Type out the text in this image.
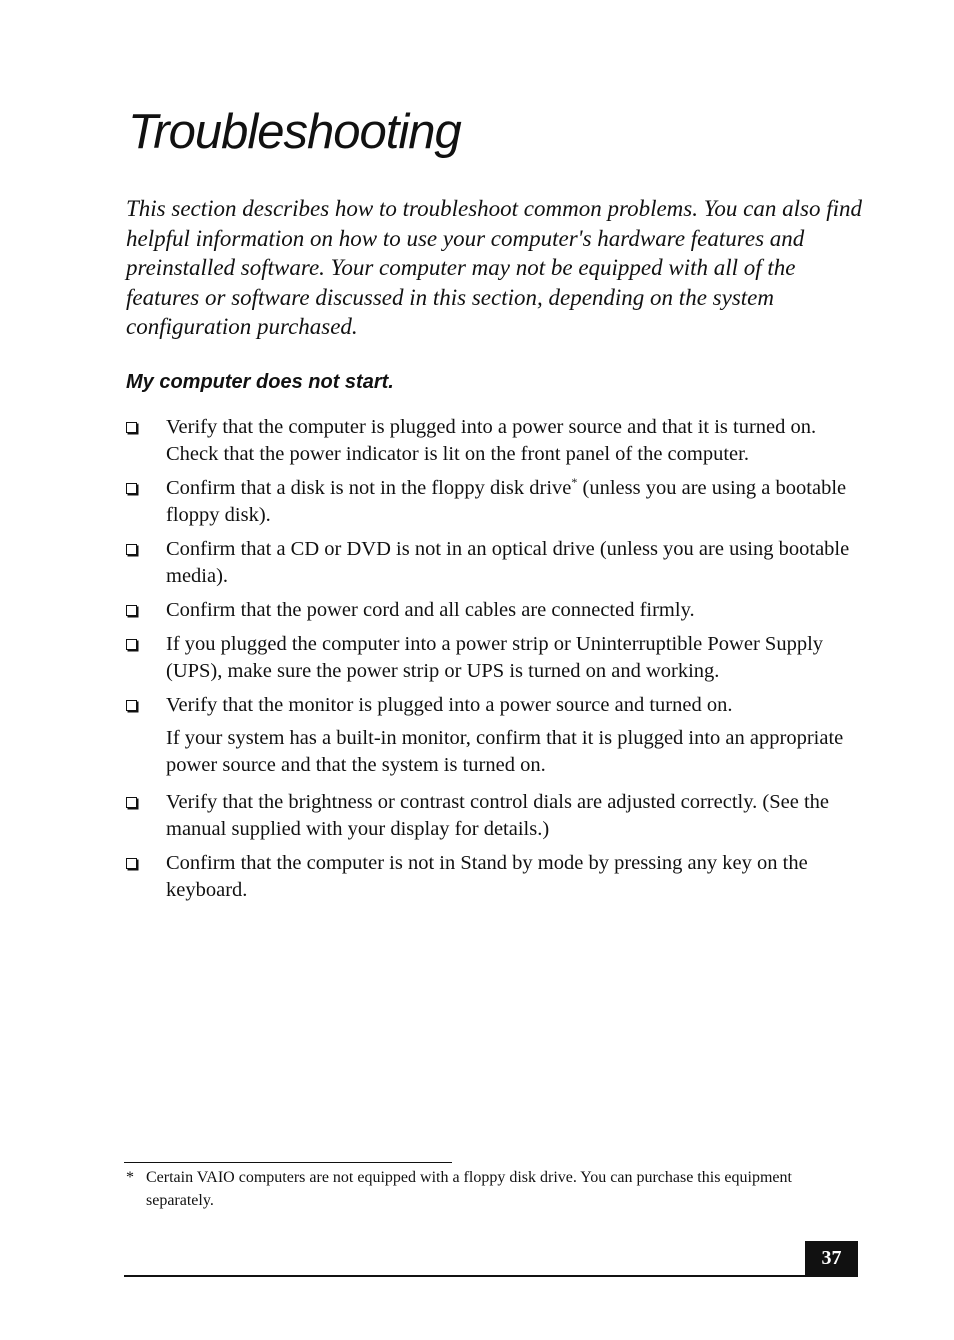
Troubleshooting

This section describes how to troubleshoot common problems. You can also find helpful information on how to use your computer's hardware features and preinstalled software. Your computer may not be equipped with all of the features or software discussed in this section, depending on the system configuration purchased.

My computer does not start.
Verify that the computer is plugged into a power source and that it is turned on. Check that the power indicator is lit on the front panel of the computer.
Confirm that a disk is not in the floppy disk drive* (unless you are using a bootable floppy disk).
Confirm that a CD or DVD is not in an optical drive (unless you are using bootable media).
Confirm that the power cord and all cables are connected firmly.
If you plugged the computer into a power strip or Uninterruptible Power Supply (UPS), make sure the power strip or UPS is turned on and working.
Verify that the monitor is plugged into a power source and turned on.
If your system has a built-in monitor, confirm that it is plugged into an appropriate power source and that the system is turned on.
Verify that the brightness or contrast control dials are adjusted correctly. (See the manual supplied with your display for details.)
Confirm that the computer is not in Stand by mode by pressing any key on the keyboard.
* Certain VAIO computers are not equipped with a floppy disk drive. You can purchase this equipment separately.
37
